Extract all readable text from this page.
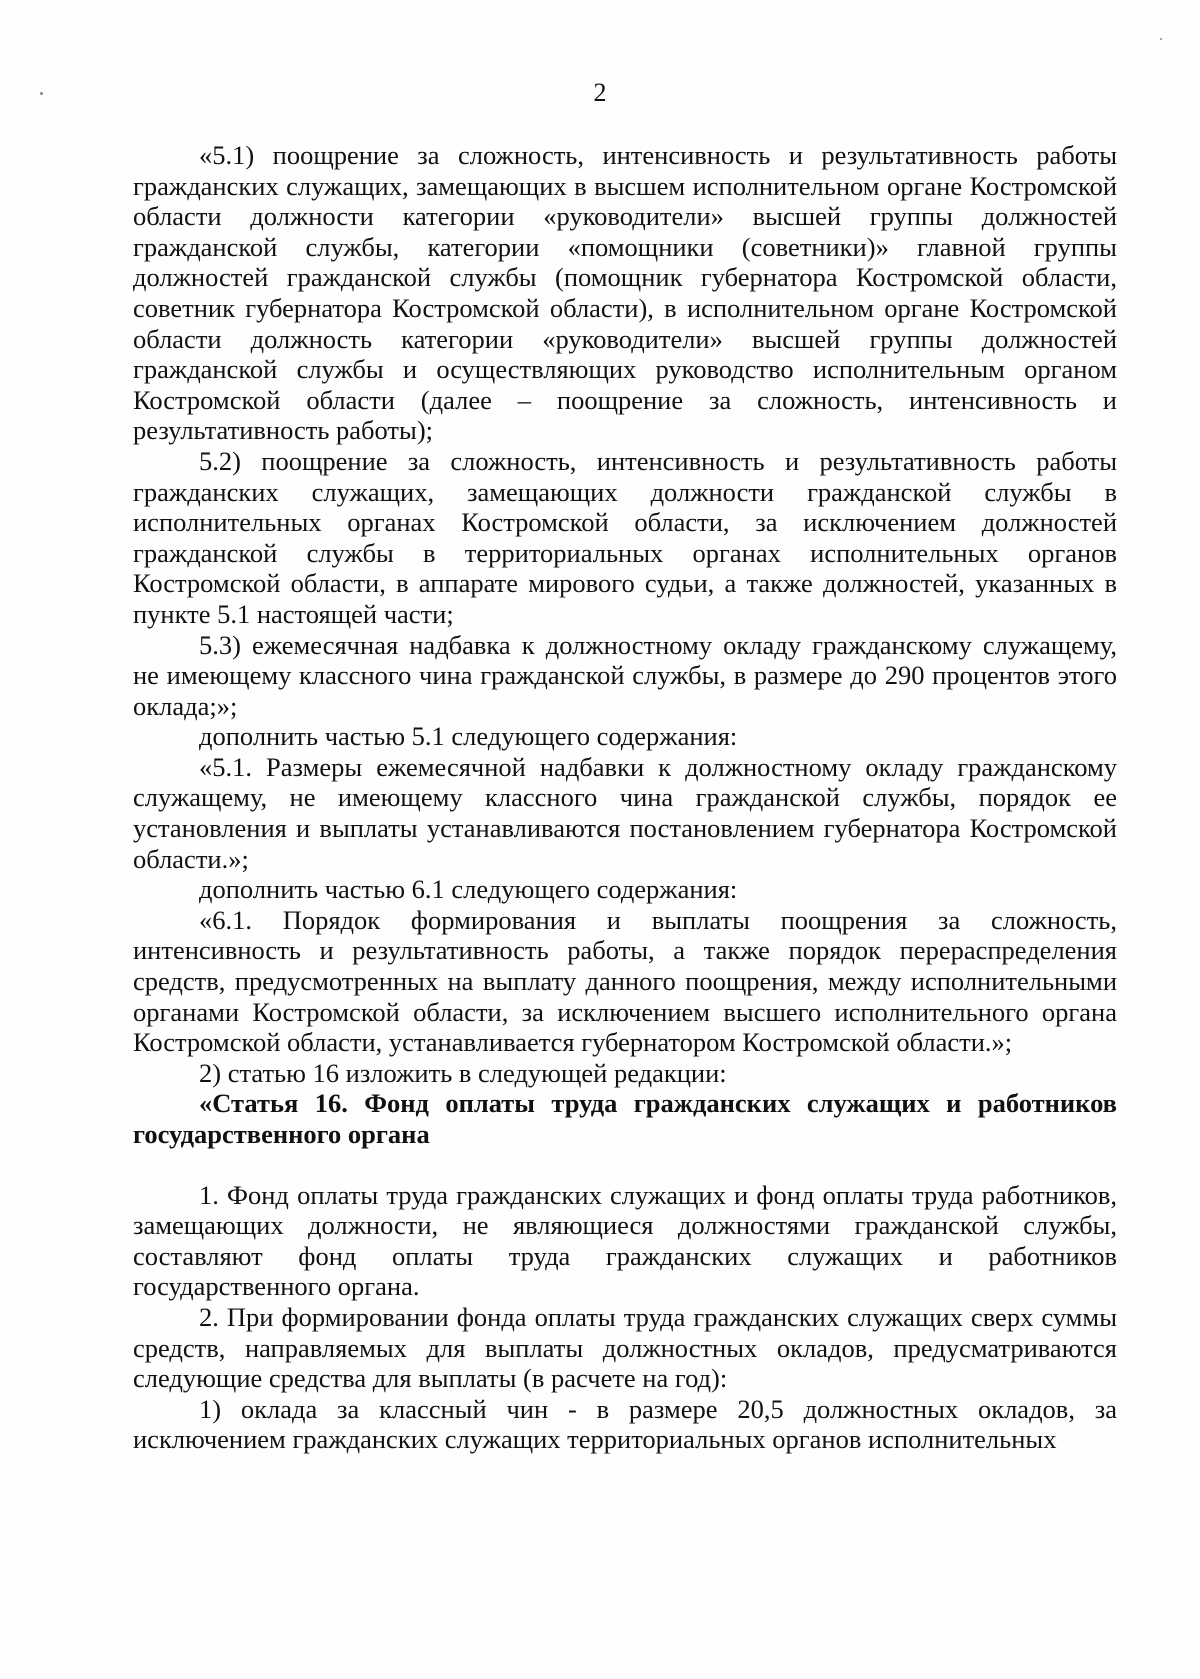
2

«5.1) поощрение за сложность, интенсивность и результативность работы гражданских служащих, замещающих в высшем исполнительном органе Костромской области должности категории «руководители» высшей группы должностей гражданской службы, категории «помощники (советники)» главной группы должностей гражданской службы (помощник губернатора Костромской области, советник губернатора Костромской области), в исполнительном органе Костромской области должность категории «руководители» высшей группы должностей гражданской службы и осуществляющих руководство исполнительным органом Костромской области (далее – поощрение за сложность, интенсивность и результативность работы);

5.2) поощрение за сложность, интенсивность и результативность работы гражданских служащих, замещающих должности гражданской службы в исполнительных органах Костромской области, за исключением должностей гражданской службы в территориальных органах исполнительных органов Костромской области, в аппарате мирового судьи, а также должностей, указанных в пункте 5.1 настоящей части;

5.3) ежемесячная надбавка к должностному окладу гражданскому служащему, не имеющему классного чина гражданской службы, в размере до 290 процентов этого оклада;»;

дополнить частью 5.1 следующего содержания:

«5.1. Размеры ежемесячной надбавки к должностному окладу гражданскому служащему, не имеющему классного чина гражданской службы, порядок ее установления и выплаты устанавливаются постановлением губернатора Костромской области.»;

дополнить частью 6.1 следующего содержания:

«6.1. Порядок формирования и выплаты поощрения за сложность, интенсивность и результативность работы, а также порядок перераспределения средств, предусмотренных на выплату данного поощрения, между исполнительными органами Костромской области, за исключением высшего исполнительного органа Костромской области, устанавливается губернатором Костромской области.»;

2) статью 16 изложить в следующей редакции:

«Статья 16. Фонд оплаты труда гражданских служащих и работников государственного органа

1. Фонд оплаты труда гражданских служащих и фонд оплаты труда работников, замещающих должности, не являющиеся должностями гражданской службы, составляют фонд оплаты труда гражданских служащих и работников государственного органа.

2. При формировании фонда оплаты труда гражданских служащих сверх суммы средств, направляемых для выплаты должностных окладов, предусматриваются следующие средства для выплаты (в расчете на год):

1) оклада за классный чин - в размере 20,5 должностных окладов, за исключением гражданских служащих территориальных органов исполнительных
